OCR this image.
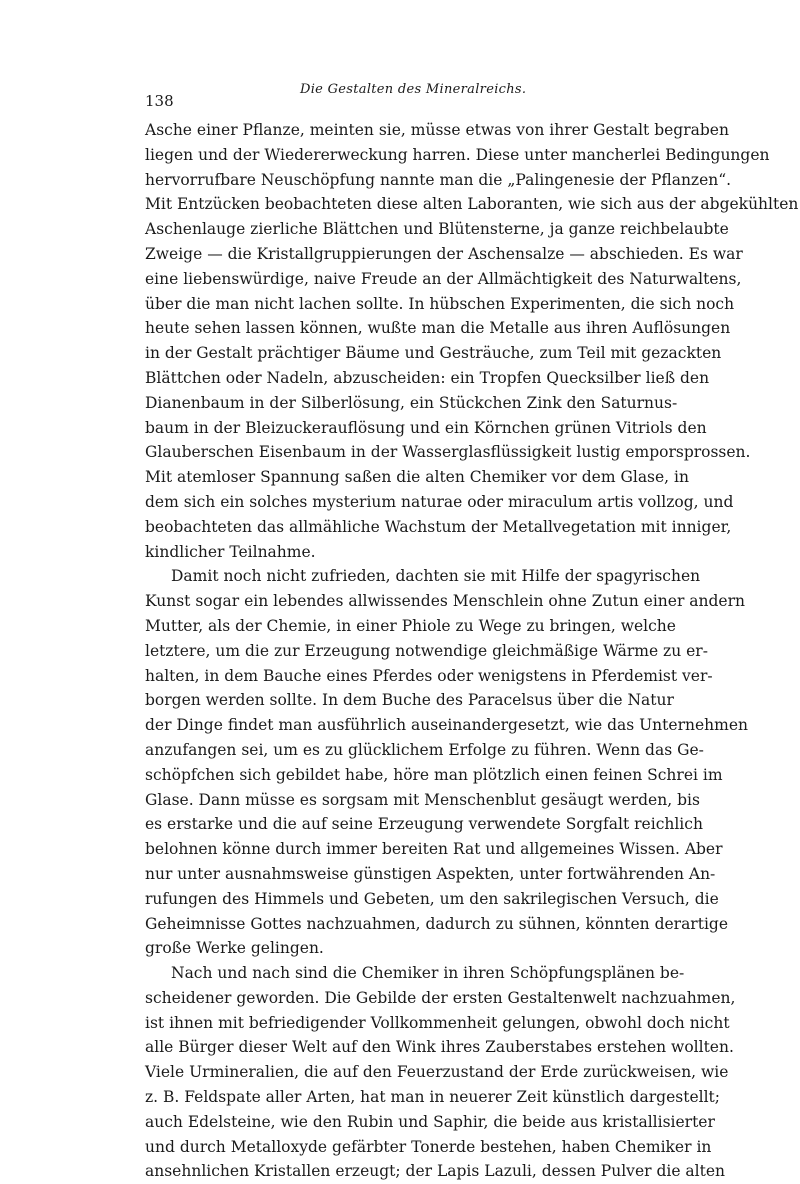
Die Gestalten des Mineralreichs.
138
Asche einer Pflanze, meinten sie, müsse etwas von ihrer Gestalt begraben
liegen und der Wiedererweckung harren. Diese unter mancherlei Bedingungen
hervorrufbare Neuschöpfung nannte man die „Palingenesie der Pflanzen“.
Mit Entzücken beobachteten diese alten Laboranten, wie sich aus der abgekühlten
Aschenlauge zierliche Blättchen und Blütensterne, ja ganze reichbelaubte
Zweige — die Kristallgruppierungen der Aschensalze — abschieden. Es war
eine liebenswürdige, naive Freude an der Allmächtigkeit des Naturwaltens,
über die man nicht lachen sollte. In hübschen Experimenten, die sich noch
heute sehen lassen können, wußte man die Metalle aus ihren Auflösungen
in der Gestalt prächtiger Bäume und Gesträuche, zum Teil mit gezackten
Blättchen oder Nadeln, abzuscheiden: ein Tropfen Quecksilber ließ den
Dianenbaum in der Silberlösung, ein Stückchen Zink den Saturnus-
baum in der Bleizuckerauflösung und ein Körnchen grünen Vitriols den
Glauberschen Eisenbaum in der Wasserglasflüssigkeit lustig emporsprossen.
Mit atemloser Spannung saßen die alten Chemiker vor dem Glase, in
dem sich ein solches mysterium naturae oder miraculum artis vollzog, und
beobachteten das allmähliche Wachstum der Metallvegetation mit inniger,
kindlicher Teilnahme.
Damit noch nicht zufrieden, dachten sie mit Hilfe der spagyrischen
Kunst sogar ein lebendes allwissendes Menschlein ohne Zutun einer andern
Mutter, als der Chemie, in einer Phiole zu Wege zu bringen, welche
letztere, um die zur Erzeugung notwendige gleichmäßige Wärme zu er-
halten, in dem Bauche eines Pferdes oder wenigstens in Pferdemist ver-
borgen werden sollte. In dem Buche des Paracelsus über die Natur
der Dinge findet man ausführlich auseinandergesetzt, wie das Unternehmen
anzufangen sei, um es zu glücklichem Erfolge zu führen. Wenn das Ge-
schöpfchen sich gebildet habe, höre man plötzlich einen feinen Schrei im
Glase. Dann müsse es sorgsam mit Menschenblut gesäugt werden, bis
es erstarke und die auf seine Erzeugung verwendete Sorgfalt reichlich
belohnen könne durch immer bereiten Rat und allgemeines Wissen. Aber
nur unter ausnahmsweise günstigen Aspekten, unter fortwährenden An-
rufungen des Himmels und Gebeten, um den sakrilegischen Versuch, die
Geheimnisse Gottes nachzuahmen, dadurch zu sühnen, könnten derartige
große Werke gelingen.
Nach und nach sind die Chemiker in ihren Schöpfungsplänen be-
scheidener geworden. Die Gebilde der ersten Gestaltenwelt nachzuahmen,
ist ihnen mit befriedigender Vollkommenheit gelungen, obwohl doch nicht
alle Bürger dieser Welt auf den Wink ihres Zauberstabes erstehen wollten.
Viele Urmineralien, die auf den Feuerzustand der Erde zurückweisen, wie
z. B. Feldspate aller Arten, hat man in neuerer Zeit künstlich dargestellt;
auch Edelsteine, wie den Rubin und Saphir, die beide aus kristallisierter
und durch Metalloxyde gefärbter Tonerde bestehen, haben Chemiker in
ansehnlichen Kristallen erzeugt; der Lapis Lazuli, dessen Pulver die alten
